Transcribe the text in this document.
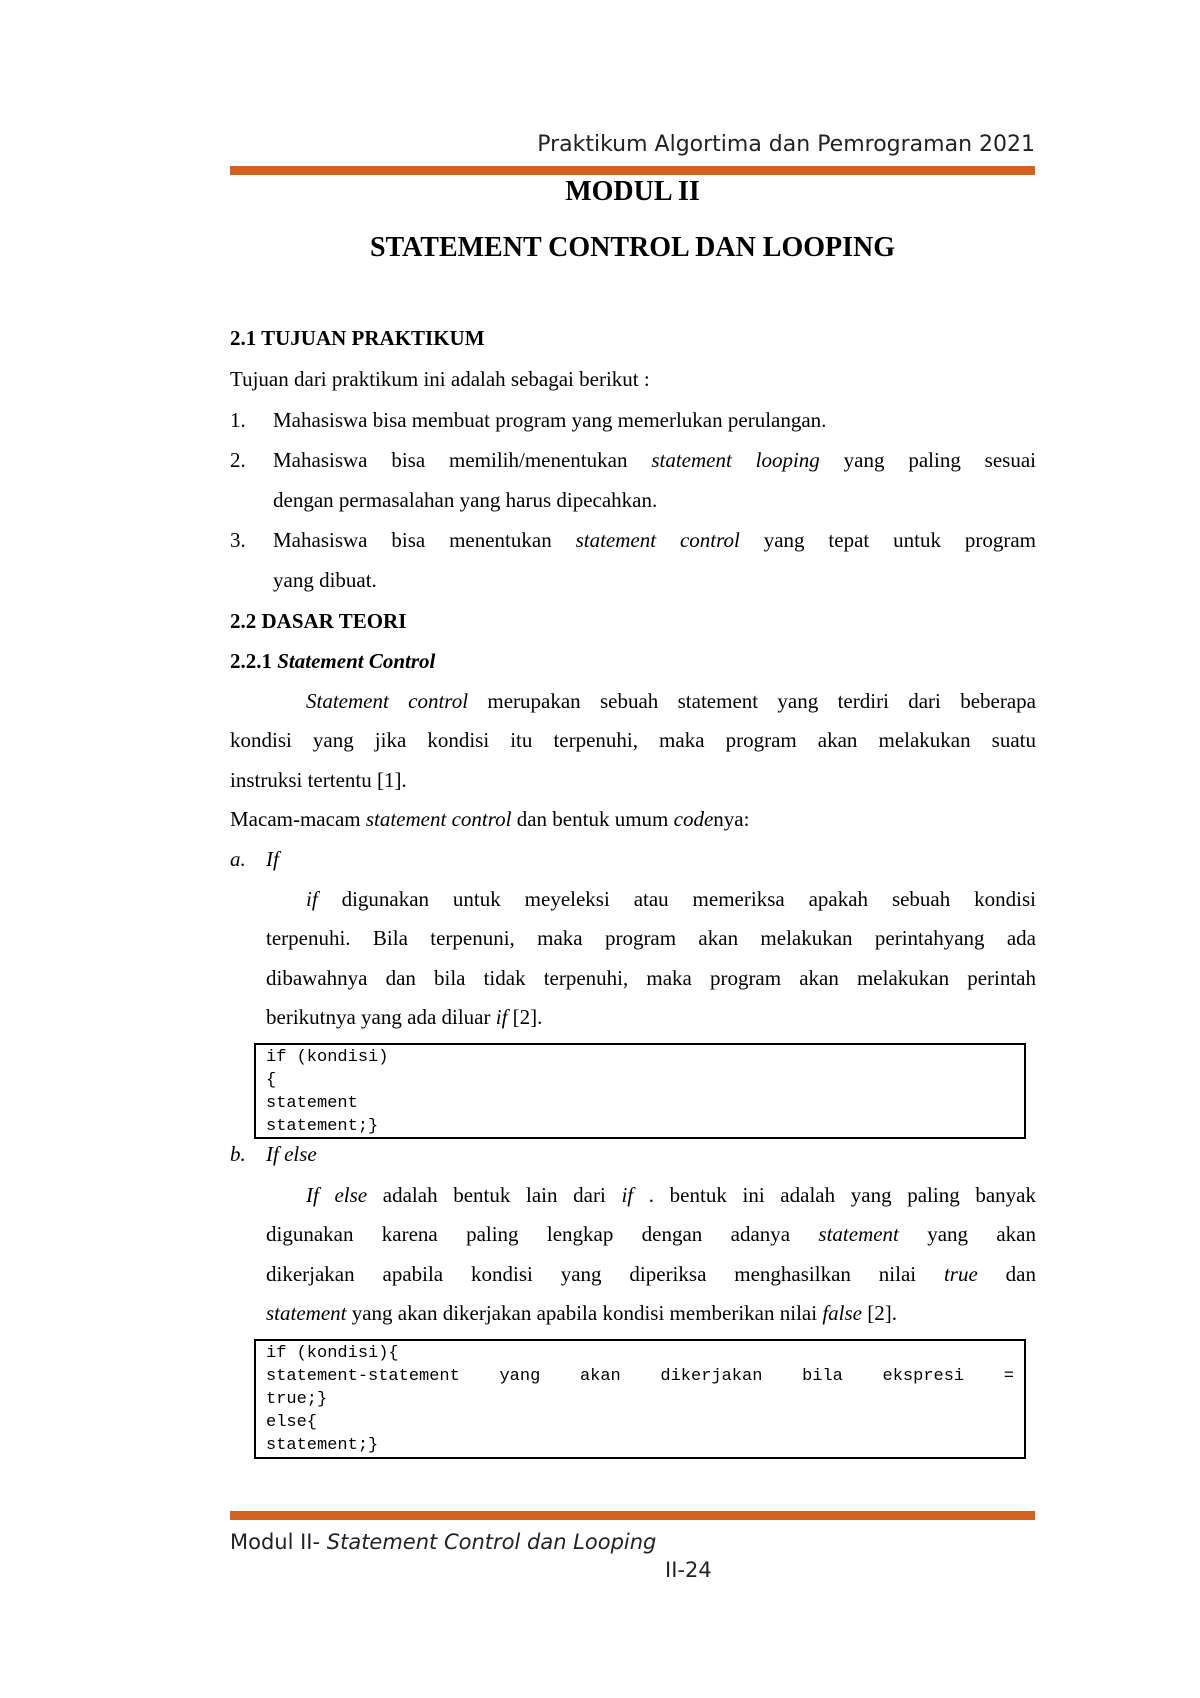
Praktikum Algortima dan Pemrograman 2021
MODUL II
STATEMENT CONTROL DAN LOOPING
2.1 TUJUAN PRAKTIKUM
Tujuan dari praktikum ini adalah sebagai berikut :
1. Mahasiswa bisa membuat program yang memerlukan perulangan.
2. Mahasiswa bisa memilih/menentukan statement looping yang paling sesuai
dengan permasalahan yang harus dipecahkan.
3. Mahasiswa bisa menentukan statement control yang tepat untuk program
yang dibuat.
2.2 DASAR TEORI
2.2.1 Statement Control
Statement control merupakan sebuah statement yang terdiri dari beberapa
kondisi yang jika kondisi itu terpenuhi, maka program akan melakukan suatu
instruksi tertentu [1].
Macam-macam statement control dan bentuk umum codenya:
a. If
if digunakan untuk meyeleksi atau memeriksa apakah sebuah kondisi
terpenuhi. Bila terpenuni, maka program akan melakukan perintahyang ada
dibawahnya dan bila tidak terpenuhi, maka program akan melakukan perintah
berikutnya yang ada diluar if [2].
if (kondisi)
{
statement
statement;}
b. If else
If else adalah bentuk lain dari if . bentuk ini adalah yang paling banyak
digunakan karena paling lengkap dengan adanya statement yang akan
dikerjakan apabila kondisi yang diperiksa menghasilkan nilai true dan
statement yang akan dikerjakan apabila kondisi memberikan nilai false [2].
if (kondisi){
statement-statement yang akan dikerjakan bila ekspresi =
true;}
else{
statement;}
Modul II- Statement Control dan Looping
II-24
